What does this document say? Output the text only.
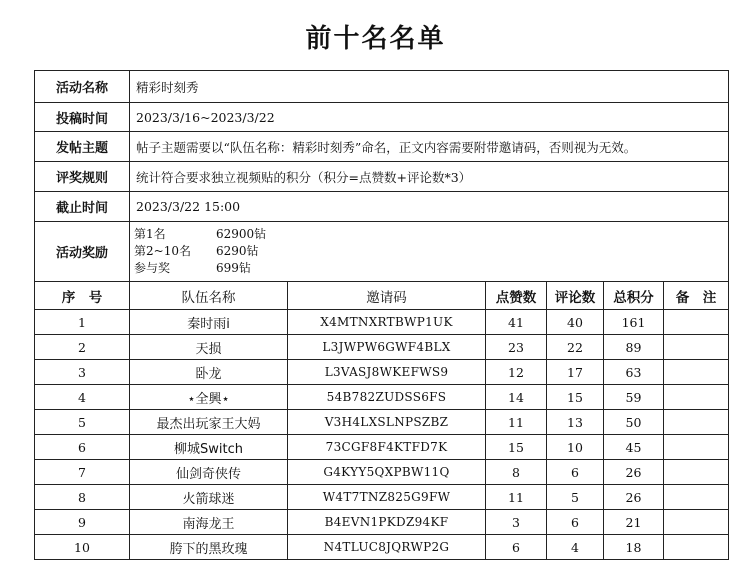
前十名名单
活动名称	精彩时刻秀					
投稿时间	2023/3/16~2023/3/22					
发帖主题	帖子主题需要以“队伍名称：精彩时刻秀”命名，正文内容需要附带邀请码，否则视为无效。					
评奖规则	统计符合要求独立视频贴的积分（积分=点赞数+评论数*3）					
截止时间	2023/3/22 15:00					
活动奖励	第1名 62900钻
第2~10名 6290钻
参与奖 699钻					

序　号	队伍名称	邀请码	点赞数	评论数	总积分	备　注
1	秦时雨i	X4MTNXRTBWP1UK	41	40	161	
2	天损	L3JWPW6GWF4BLX	23	22	89	
3	卧龙	L3VASJ8WKEFWS9	12	17	63	
4	⋆全興⋆	54B782ZUDSS6FS	14	15	59	
5	最杰出玩家王大妈	V3H4LXSLNPSZBZ	11	13	50	
6	柳城Switch	73CGF8F4KTFD7K	15	10	45	
7	仙剑奇侠传	G4KYY5QXPBW11Q	8	6	26	
8	火箭球迷	W4T7TNZ825G9FW	11	5	26	
9	南海龙王	B4EVN1PKDZ94KF	3	6	21	
10	胯下的黑玫瑰	N4TLUC8JQRWP2G	6	4	18	
